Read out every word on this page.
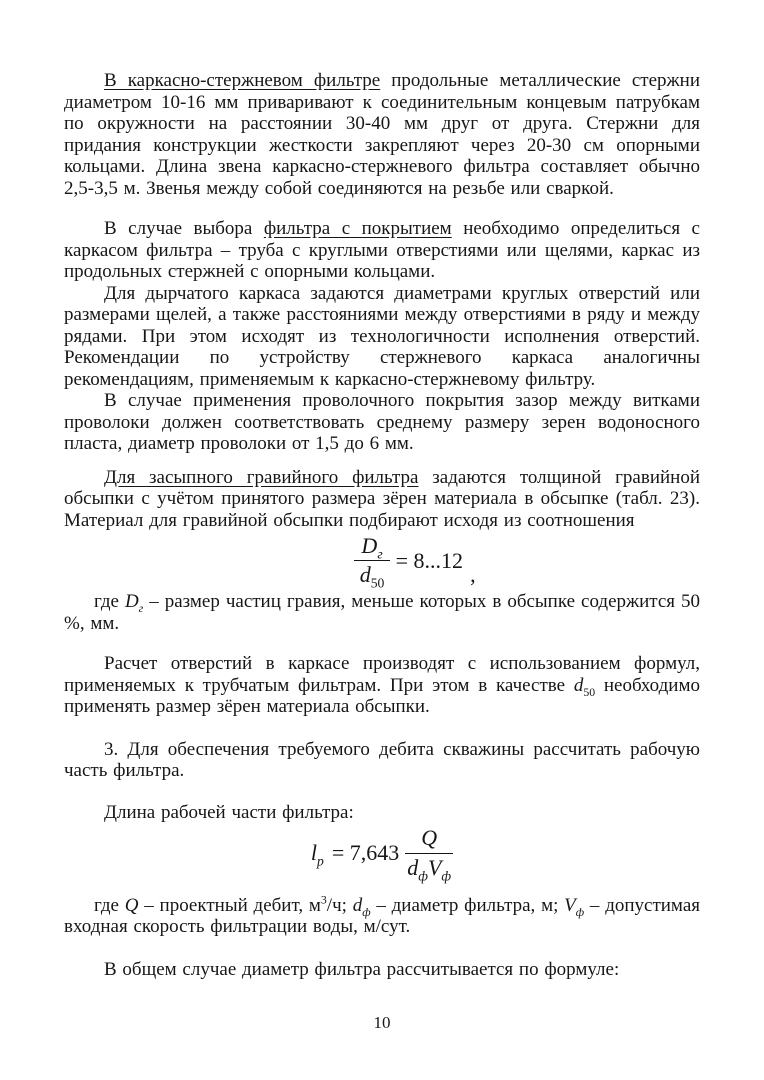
В каркасно-стержневом фильтре продольные металлические стержни диаметром 10-16 мм приваривают к соединительным концевым патрубкам по окружности на расстоянии 30-40 мм друг от друга. Стержни для придания конструкции жесткости закрепляют через 20-30 см опорными кольцами. Длина звена каркасно-стержневого фильтра составляет обычно 2,5-3,5 м. Звенья между собой соединяются на резьбе или сваркой.

В случае выбора фильтра с покрытием необходимо определиться с каркасом фильтра – труба с круглыми отверстиями или щелями, каркас из продольных стержней с опорными кольцами.

Для дырчатого каркаса задаются диаметрами круглых отверстий или размерами щелей, а также расстояниями между отверстиями в ряду и между рядами. При этом исходят из технологичности исполнения отверстий. Рекомендации по устройству стержневого каркаса аналогичны рекомендациям, применяемым к каркасно-стержневому фильтру.

В случае применения проволочного покрытия зазор между витками проволоки должен соответствовать среднему размеру зерен водоносного пласта, диаметр проволоки от 1,5 до 6 мм.

Для засыпного гравийного фильтра задаются толщиной гравийной обсыпки с учётом принятого размера зёрен материала в обсыпке (табл. 23). Материал для гравийной обсыпки подбирают исходя из соотношения

$\frac{D_г}{d_{50}} = 8...12$,

где $D_г$ – размер частиц гравия, меньше которых в обсыпке содержится 50 %, мм.

Расчет отверстий в каркасе производят с использованием формул, применяемых к трубчатым фильтрам. При этом в качестве $d_{50}$ необходимо применять размер зёрен материала обсыпки.

3. Для обеспечения требуемого дебита скважины рассчитать рабочую часть фильтра.

Длина рабочей части фильтра:

$l_р = 7,643 \frac{Q}{d_фV_ф}$

где Q – проектный дебит, $м^3/ч$; $d_ф$ – диаметр фильтра, м; $V_ф$ – допустимая входная скорость фильтрации воды, м/сут.

В общем случае диаметр фильтра рассчитывается по формуле:

10
